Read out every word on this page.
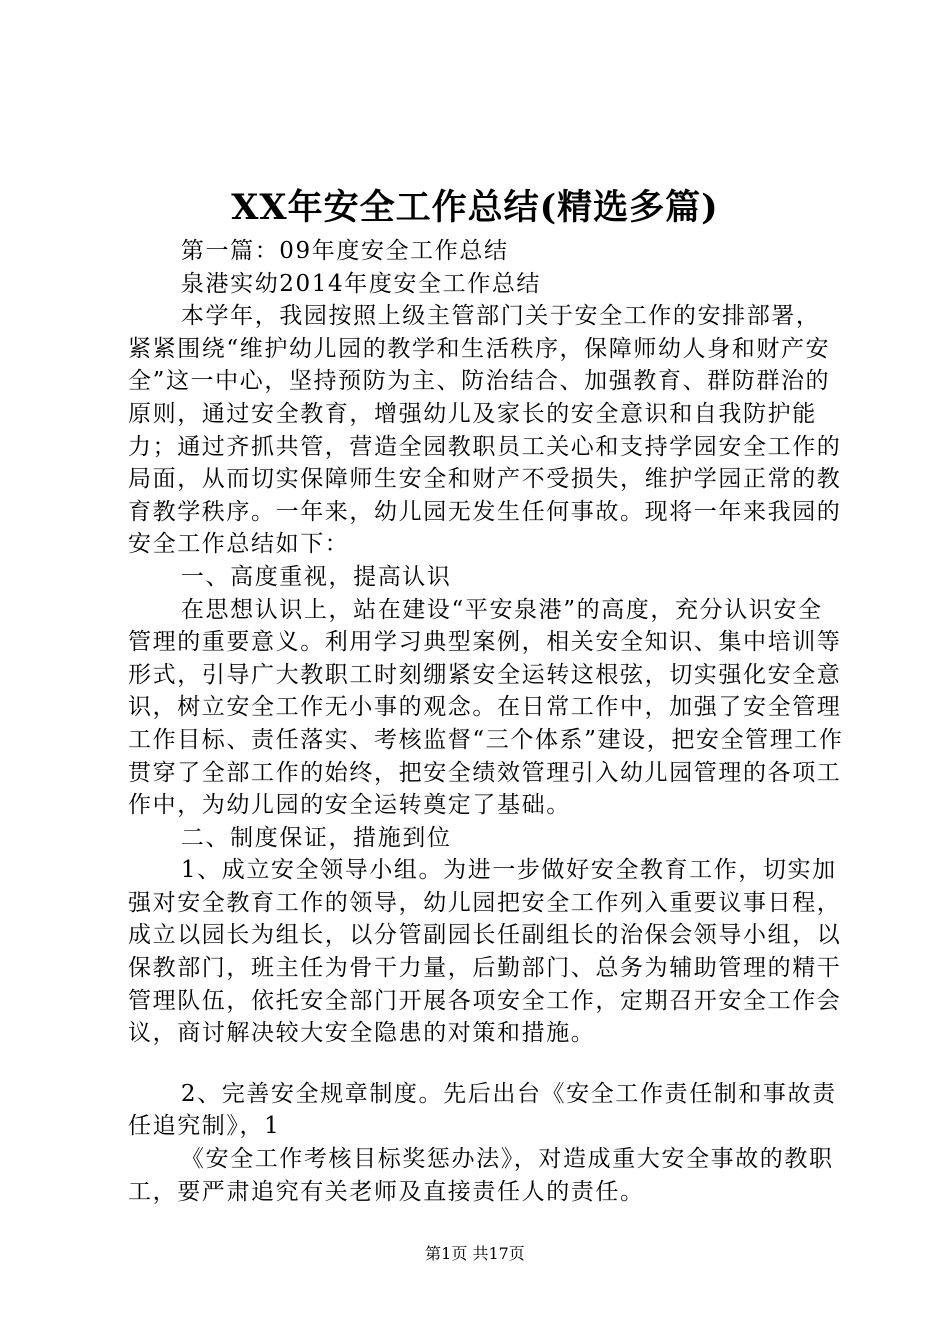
XX年安全工作总结(精选多篇)

第一篇：09年度安全工作总结

泉港实幼2014年度安全工作总结

本学年，我园按照上级主管部门关于安全工作的安排部署，紧紧围绕“维护幼儿园的教学和生活秩序，保障师幼人身和财产安全”这一中心，坚持预防为主、防治结合、加强教育、群防群治的原则，通过安全教育，增强幼儿及家长的安全意识和自我防护能力；通过齐抓共管，营造全园教职员工关心和支持学园安全工作的局面，从而切实保障师生安全和财产不受损失，维护学园正常的教育教学秩序。一年来，幼儿园无发生任何事故。现将一年来我园的安全工作总结如下：

一、高度重视，提高认识

在思想认识上，站在建设“平安泉港”的高度，充分认识安全管理的重要意义。利用学习典型案例，相关安全知识、集中培训等形式，引导广大教职工时刻绷紧安全运转这根弦，切实强化安全意识，树立安全工作无小事的观念。在日常工作中，加强了安全管理工作目标、责任落实、考核监督“三个体系”建设，把安全管理工作贯穿了全部工作的始终，把安全绩效管理引入幼儿园管理的各项工作中，为幼儿园的安全运转奠定了基础。

二、制度保证，措施到位

1、成立安全领导小组。为进一步做好安全教育工作，切实加强对安全教育工作的领导，幼儿园把安全工作列入重要议事日程，成立以园长为组长，以分管副园长任副组长的治保会领导小组，以保教部门，班主任为骨干力量，后勤部门、总务为辅助管理的精干管理队伍，依托安全部门开展各项安全工作，定期召开安全工作会议，商讨解决较大安全隐患的对策和措施。

2、完善安全规章制度。先后出台《安全工作责任制和事故责任追究制》，1

《安全工作考核目标奖惩办法》，对造成重大安全事故的教职工，要严肃追究有关老师及直接责任人的责任。

第1页 共17页
